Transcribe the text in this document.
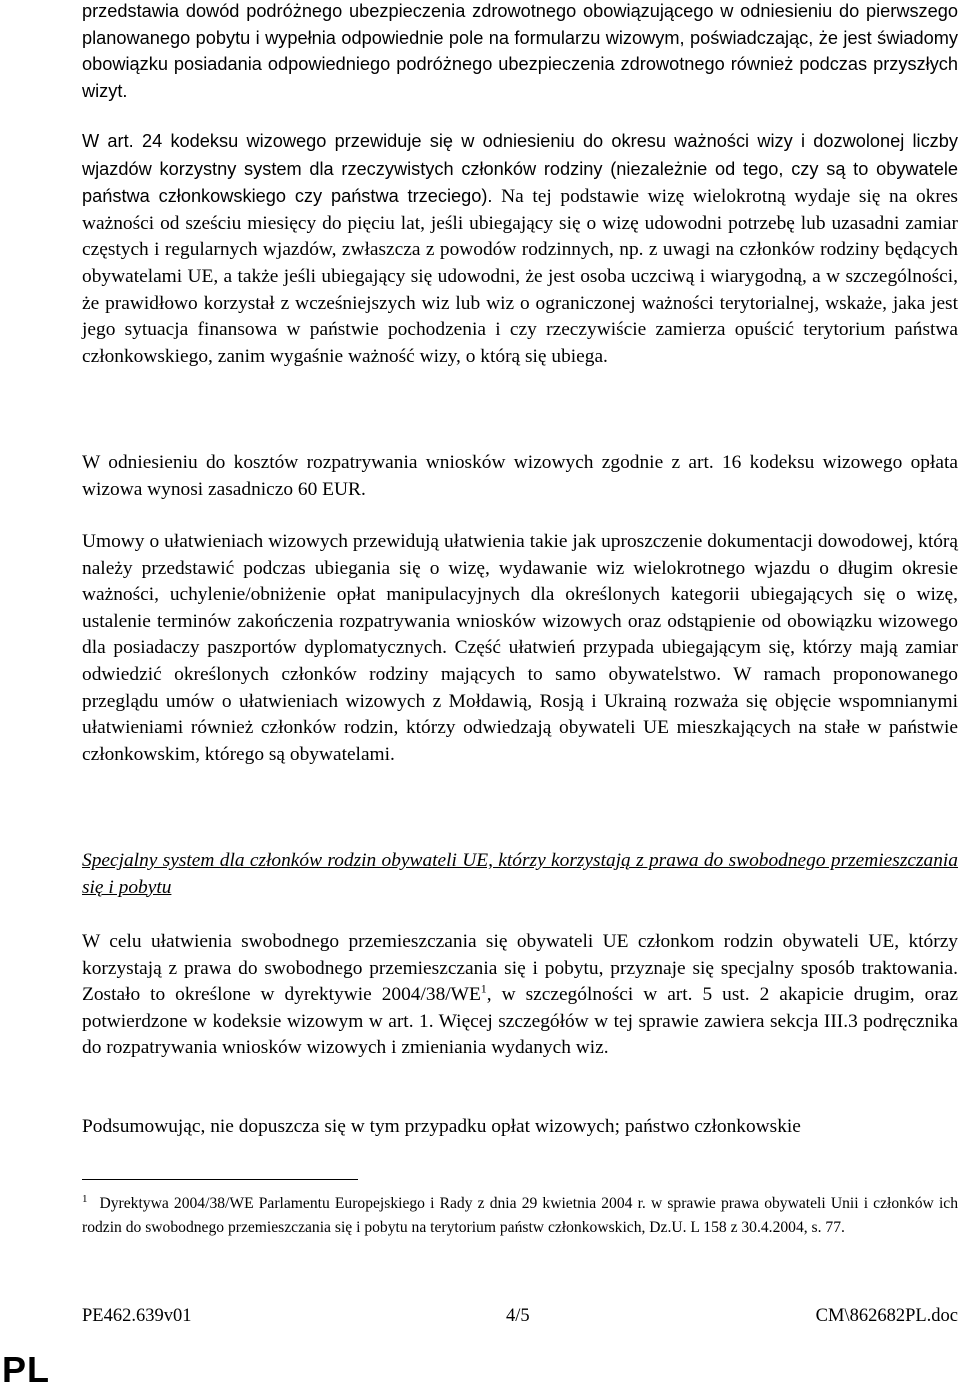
przedstawia dowód podróżnego ubezpieczenia zdrowotnego obowiązującego w odniesieniu do pierwszego planowanego pobytu i wypełnia odpowiednie pole na formularzu wizowym, poświadczając, że jest świadomy obowiązku posiadania odpowiedniego podróżnego ubezpieczenia zdrowotnego również podczas przyszłych wizyt.

W art. 24 kodeksu wizowego przewiduje się w odniesieniu do okresu ważności wizy i dozwolonej liczby wjazdów korzystny system dla rzeczywistych członków rodziny (niezależnie od tego, czy są to obywatele państwa członkowskiego czy państwa trzeciego). Na tej podstawie wizę wielokrotną wydaje się na okres ważności od sześciu miesięcy do pięciu lat, jeśli ubiegający się o wizę udowodni potrzebę lub uzasadni zamiar częstych i regularnych wjazdów, zwłaszcza z powodów rodzinnych, np. z uwagi na członków rodziny będących obywatelami UE, a także jeśli ubiegający się udowodni, że jest osoba uczciwą i wiarygodną, a w szczególności, że prawidłowo korzystał z wcześniejszych wiz lub wiz o ograniczonej ważności terytorialnej, wskaże, jaka jest jego sytuacja finansowa w państwie pochodzenia i czy rzeczywiście zamierza opuścić terytorium państwa członkowskiego, zanim wygaśnie ważność wizy, o którą się ubiega.

W odniesieniu do kosztów rozpatrywania wniosków wizowych zgodnie z art. 16 kodeksu wizowego opłata wizowa wynosi zasadniczo 60 EUR.

Umowy o ułatwieniach wizowych przewidują ułatwienia takie jak uproszczenie dokumentacji dowodowej, którą należy przedstawić podczas ubiegania się o wizę, wydawanie wiz wielokrotnego wjazdu o długim okresie ważności, uchylenie/obniżenie opłat manipulacyjnych dla określonych kategorii ubiegających się o wizę, ustalenie terminów zakończenia rozpatrywania wniosków wizowych oraz odstąpienie od obowiązku wizowego dla posiadaczy paszportów dyplomatycznych. Część ułatwień przypada ubiegającym się, którzy mają zamiar odwiedzić określonych członków rodziny mających to samo obywatelstwo. W ramach proponowanego przeglądu umów o ułatwieniach wizowych z Mołdawią, Rosją i Ukrainą rozważa się objęcie wspomnianymi ułatwieniami również członków rodzin, którzy odwiedzają obywateli UE mieszkających na stałe w państwie członkowskim, którego są obywatelami.

Specjalny system dla członków rodzin obywateli UE, którzy korzystają z prawa do swobodnego przemieszczania się i pobytu

W celu ułatwienia swobodnego przemieszczania się obywateli UE członkom rodzin obywateli UE, którzy korzystają z prawa do swobodnego przemieszczania się i pobytu, przyznaje się specjalny sposób traktowania. Zostało to określone w dyrektywie 2004/38/WE$^1$, w szczególności w art. 5 ust. 2 akapicie drugim, oraz potwierdzone w kodeksie wizowym w art. 1. Więcej szczegółów w tej sprawie zawiera sekcja III.3 podręcznika do rozpatrywania wniosków wizowych i zmieniania wydanych wiz.

Podsumowując, nie dopuszcza się w tym przypadku opłat wizowych; państwo członkowskie

$^1$ Dyrektywa 2004/38/WE Parlamentu Europejskiego i Rady z dnia 29 kwietnia 2004 r. w sprawie prawa obywateli Unii i członków ich rodzin do swobodnego przemieszczania się i pobytu na terytorium państw członkowskich, Dz.U. L 158 z 30.4.2004, s. 77.

PE462.639v01	4/5	CM\862682PL.doc
PL
